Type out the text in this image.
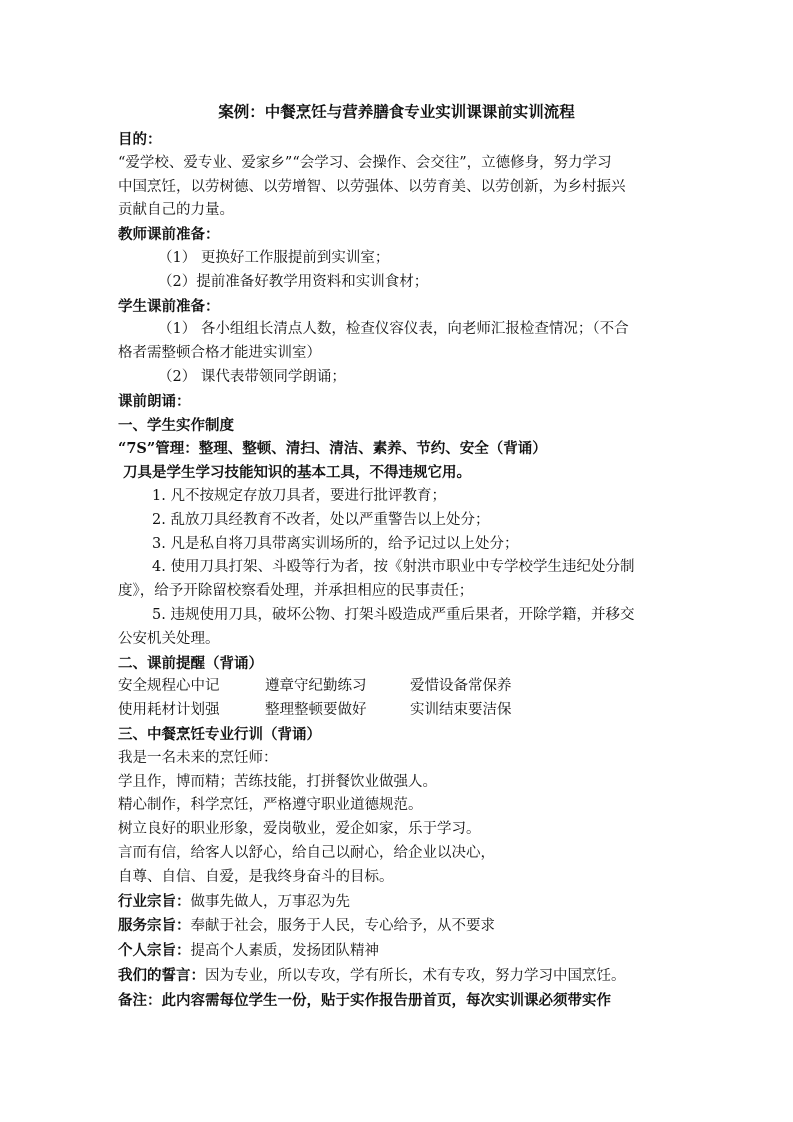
案例：中餐烹饪与营养膳食专业实训课课前实训流程
目的：
“爱学校、爱专业、爱家乡”“会学习、会操作、会交往”，立德修身，努力学习
中国烹饪，以劳树德、以劳增智、以劳强体、以劳育美、以劳创新，为乡村振兴
贡献自己的力量。
教师课前准备：
（1） 更换好工作服提前到实训室；
（2）提前准备好教学用资料和实训食材；
学生课前准备：
（1） 各小组组长清点人数，检查仪容仪表，向老师汇报检查情况；（不合
格者需整顿合格才能进实训室）
（2） 课代表带领同学朗诵；
课前朗诵：
一、学生实作制度
“7S”管理：整理、整顿、清扫、清洁、素养、节约、安全（背诵）
刀具是学生学习技能知识的基本工具，不得违规它用。
1. 凡不按规定存放刀具者，要进行批评教育；
2. 乱放刀具经教育不改者，处以严重警告以上处分；
3. 凡是私自将刀具带离实训场所的，给予记过以上处分；
4. 使用刀具打架、斗殴等行为者，按《射洪市职业中专学校学生违纪处分制
度》，给予开除留校察看处理，并承担相应的民事责任；
5. 违规使用刀具，破坏公物、打架斗殴造成严重后果者，开除学籍，并移交
公安机关处理。
二、课前提醒（背诵）
安全规程心中记	遵章守纪勤练习	爱惜设备常保养
使用耗材计划强	整理整顿要做好	实训结束要洁保
三、中餐烹饪专业行训（背诵）
我是一名未来的烹饪师：
学且作，博而精；苦练技能，打拼餐饮业做强人。
精心制作，科学烹饪，严格遵守职业道德规范。
树立良好的职业形象，爱岗敬业，爱企如家，乐于学习。
言而有信，给客人以舒心，给自己以耐心，给企业以决心，
自尊、自信、自爱，是我终身奋斗的目标。
行业宗旨：做事先做人，万事忍为先
服务宗旨：奉献于社会，服务于人民，专心给予，从不要求
个人宗旨：提高个人素质，发扬团队精神
我们的誓言：因为专业，所以专攻，学有所长，术有专攻，努力学习中国烹饪。
备注：此内容需每位学生一份，贴于实作报告册首页，每次实训课必须带实作
